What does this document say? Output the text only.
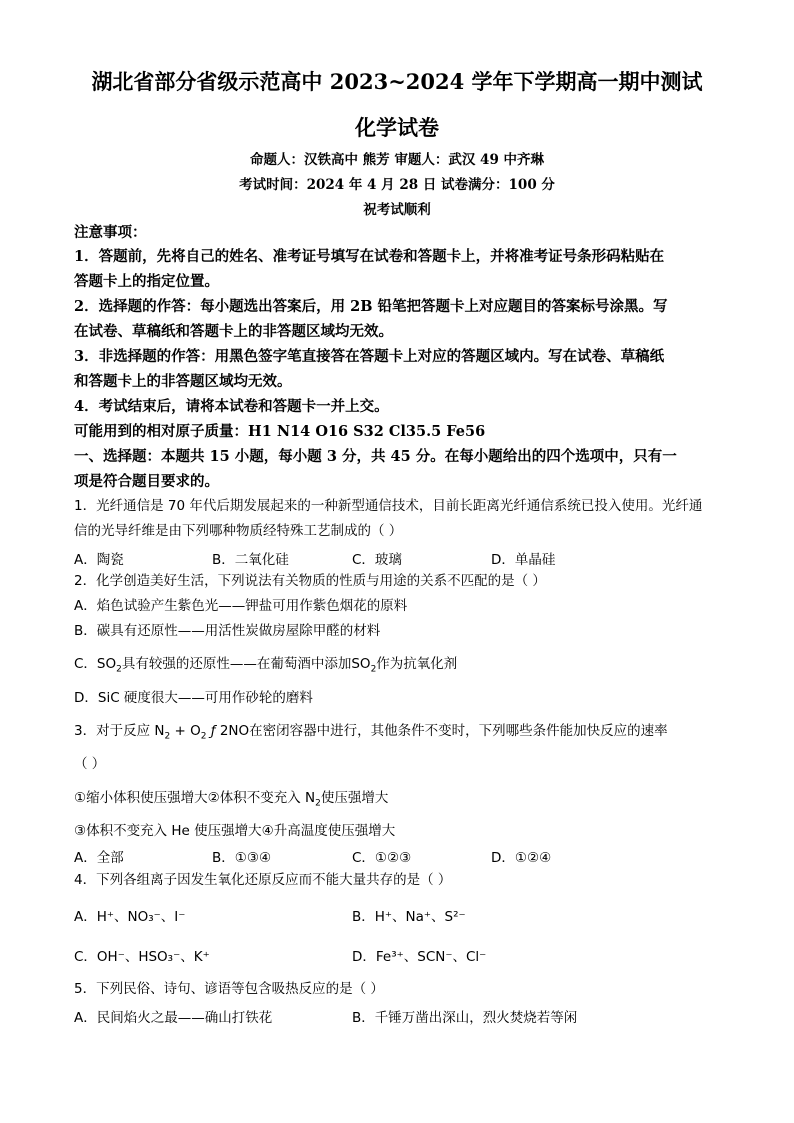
湖北省部分省级示范高中 2023~2024 学年下学期高一期中测试
化学试卷
命题人：汉铁高中 熊芳 审题人：武汉 49 中齐琳
考试时间：2024 年 4 月 28 日 试卷满分：100 分
祝考试顺利
注意事项：
1．答题前，先将自己的姓名、准考证号填写在试卷和答题卡上，并将准考证号条形码粘贴在
答题卡上的指定位置。
2．选择题的作答：每小题选出答案后，用 2B 铅笔把答题卡上对应题目的答案标号涂黑。写
在试卷、草稿纸和答题卡上的非答题区域均无效。
3．非选择题的作答：用黑色签字笔直接答在答题卡上对应的答题区域内。写在试卷、草稿纸
和答题卡上的非答题区域均无效。
4．考试结束后，请将本试卷和答题卡一并上交。
可能用到的相对原子质量：H1 N14 O16 S32 Cl35.5 Fe56
一、选择题：本题共 15 小题，每小题 3 分，共 45 分。在每小题给出的四个选项中，只有一
项是符合题目要求的。
1．光纤通信是 70 年代后期发展起来的一种新型通信技术，目前长距离光纤通信系统已投入使用。光纤通
信的光导纤维是由下列哪种物质经特殊工艺制成的（ ）
A．陶瓷	B．二氧化硅	C．玻璃	D．单晶硅
2．化学创造美好生活，下列说法有关物质的性质与用途的关系不匹配的是（ ）
A．焰色试验产生紫色光——钾盐可用作紫色烟花的原料
B．碳具有还原性——用活性炭做房屋除甲醛的材料
C．$SO_2$具有较强的还原性——在葡萄酒中添加$SO_2$作为抗氧化剂
D．SiC 硬度很大——可用作砂轮的磨料
3．对于反应 $N_2 + O_2$ ƒ 2NO在密闭容器中进行，其他条件不变时，下列哪些条件能加快反应的速率
（ ）
①缩小体积使压强增大②体积不变充入 $N_2$使压强增大
③体积不变充入 He 使压强增大④升高温度使压强增大
A．全部	B．①③④	C．①②③	D．①②④
4．下列各组离子因发生氧化还原反应而不能大量共存的是（ ）
A．H⁺、NO₃⁻、I⁻	B．H⁺、Na⁺、S²⁻
C．OH⁻、HSO₃⁻、K⁺	D．Fe³⁺、SCN⁻、Cl⁻
5．下列民俗、诗句、谚语等包含吸热反应的是（ ）
A．民间焰火之最——确山打铁花	B．千锤万凿出深山，烈火焚烧若等闲
